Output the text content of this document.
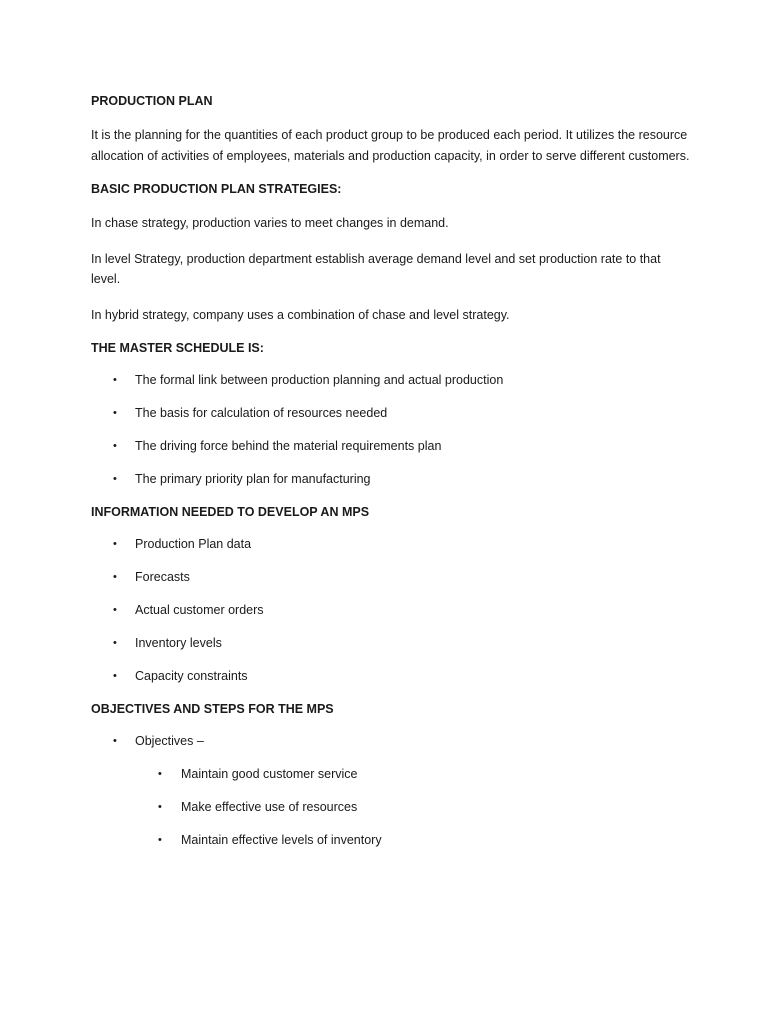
PRODUCTION PLAN
It is the planning for the quantities of each product group to be produced each period. It utilizes the resource allocation of activities of employees, materials and production capacity, in order to serve different customers.
BASIC PRODUCTION PLAN STRATEGIES:
In chase strategy, production varies to meet changes in demand.
In level Strategy, production department establish average demand level and set production rate to that level.
In hybrid strategy, company uses a combination of chase and level strategy.
THE MASTER SCHEDULE IS:
• The formal link between production planning and actual production
• The basis for calculation of resources needed
• The driving force behind the material requirements plan
• The primary priority plan for manufacturing
INFORMATION NEEDED TO DEVELOP AN MPS
• Production Plan data
• Forecasts
• Actual customer orders
• Inventory levels
• Capacity constraints
OBJECTIVES AND STEPS FOR THE MPS
• Objectives –
• Maintain good customer service
• Make effective use of resources
• Maintain effective levels of inventory
